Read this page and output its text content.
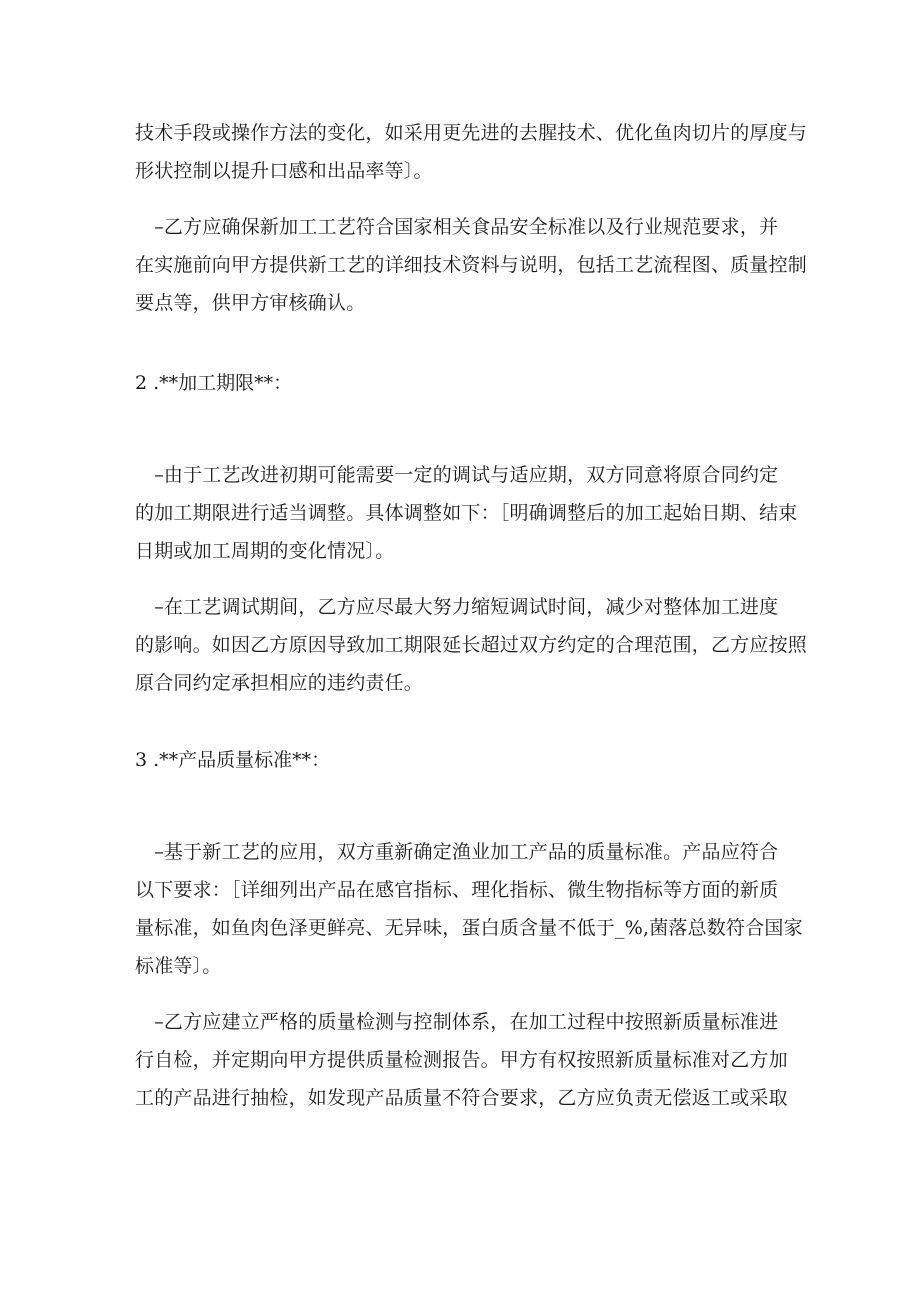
技术手段或操作方法的变化，如采用更先进的去腥技术、优化鱼肉切片的厚度与
形状控制以提升口感和出品率等〕。
　–乙方应确保新加工工艺符合国家相关食品安全标准以及行业规范要求，并
在实施前向甲方提供新工艺的详细技术资料与说明，包括工艺流程图、质量控制
要点等，供甲方审核确认。
2 .**加工期限**：
　–由于工艺改进初期可能需要一定的调试与适应期，双方同意将原合同约定
的加工期限进行适当调整。具体调整如下：［明确调整后的加工起始日期、结束
日期或加工周期的变化情况〕。
　–在工艺调试期间，乙方应尽最大努力缩短调试时间，减少对整体加工进度
的影响。如因乙方原因导致加工期限延长超过双方约定的合理范围，乙方应按照
原合同约定承担相应的违约责任。
3 .**产品质量标准**：
　–基于新工艺的应用，双方重新确定渔业加工产品的质量标准。产品应符合
以下要求：［详细列出产品在感官指标、理化指标、微生物指标等方面的新质
量标准，如鱼肉色泽更鲜亮、无异味，蛋白质含量不低于_%,菌落总数符合国家
标准等〕。
　–乙方应建立严格的质量检测与控制体系，在加工过程中按照新质量标准进
行自检，并定期向甲方提供质量检测报告。甲方有权按照新质量标准对乙方加
工的产品进行抽检，如发现产品质量不符合要求，乙方应负责无偿返工或采取
